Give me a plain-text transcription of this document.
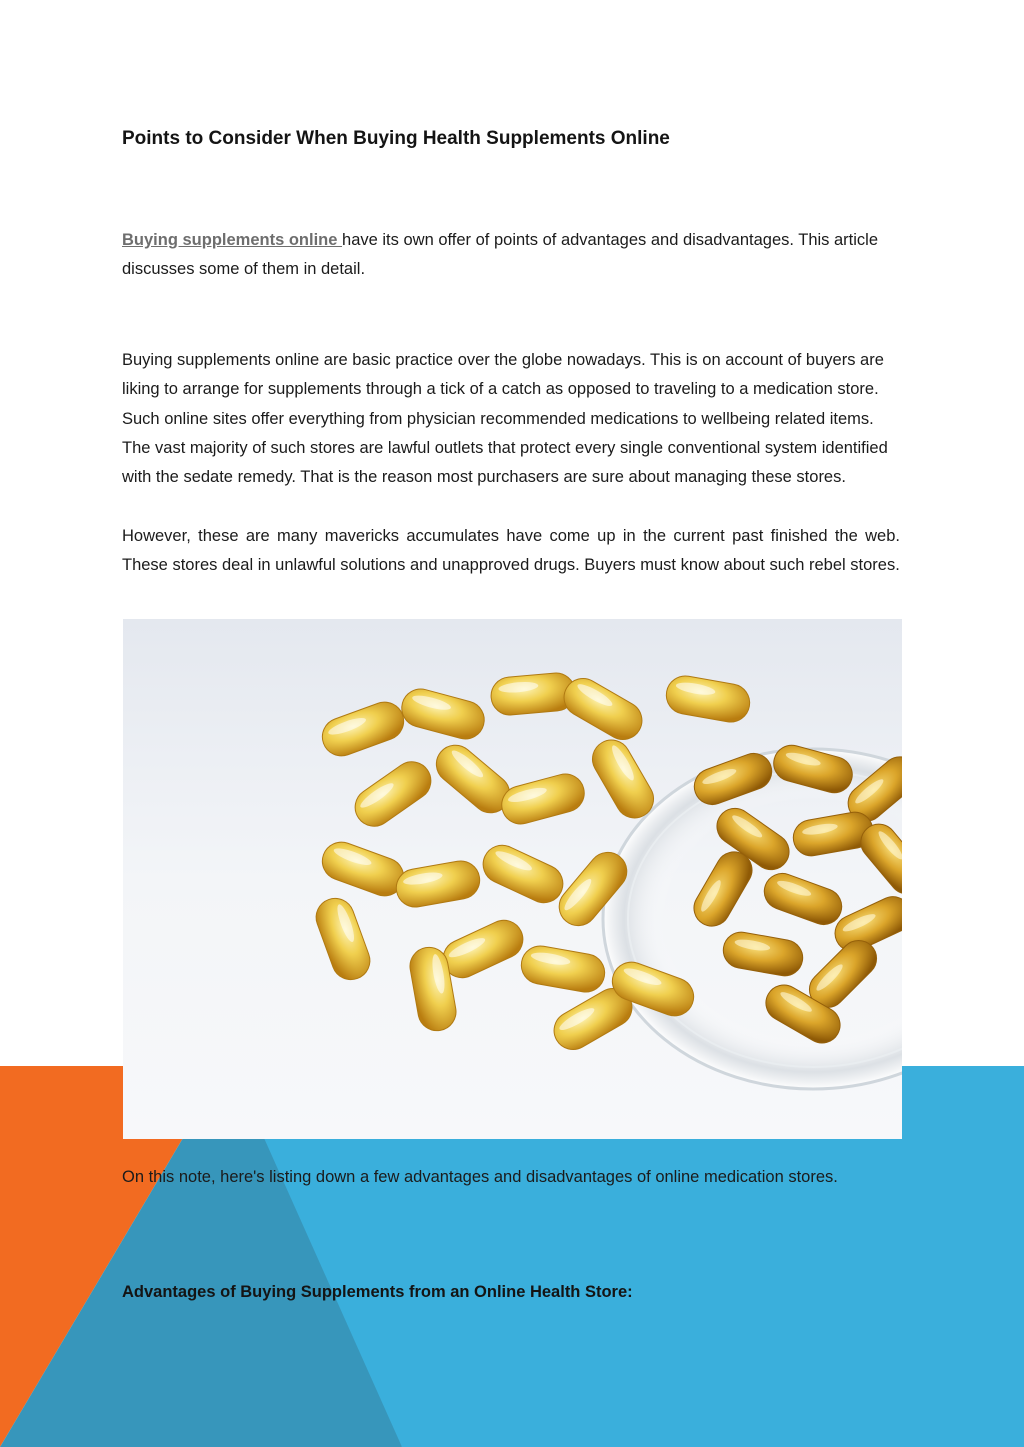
Points to Consider When Buying Health Supplements Online

Buying supplements online have its own offer of points of advantages and disadvantages. This article discusses some of them in detail.

Buying supplements online are basic practice over the globe nowadays. This is on account of buyers are liking to arrange for supplements through a tick of a catch as opposed to traveling to a medication store. Such online sites offer everything from physician recommended medications to wellbeing related items. The vast majority of such stores are lawful outlets that protect every single conventional system identified with the sedate remedy. That is the reason most purchasers are sure about managing these stores.

However, these are many mavericks accumulates have come up in the current past finished the web. These stores deal in unlawful solutions and unapproved drugs. Buyers must know about such rebel stores.

On this note, here's listing down a few advantages and disadvantages of online medication stores.

Advantages of Buying Supplements from an Online Health Store:
